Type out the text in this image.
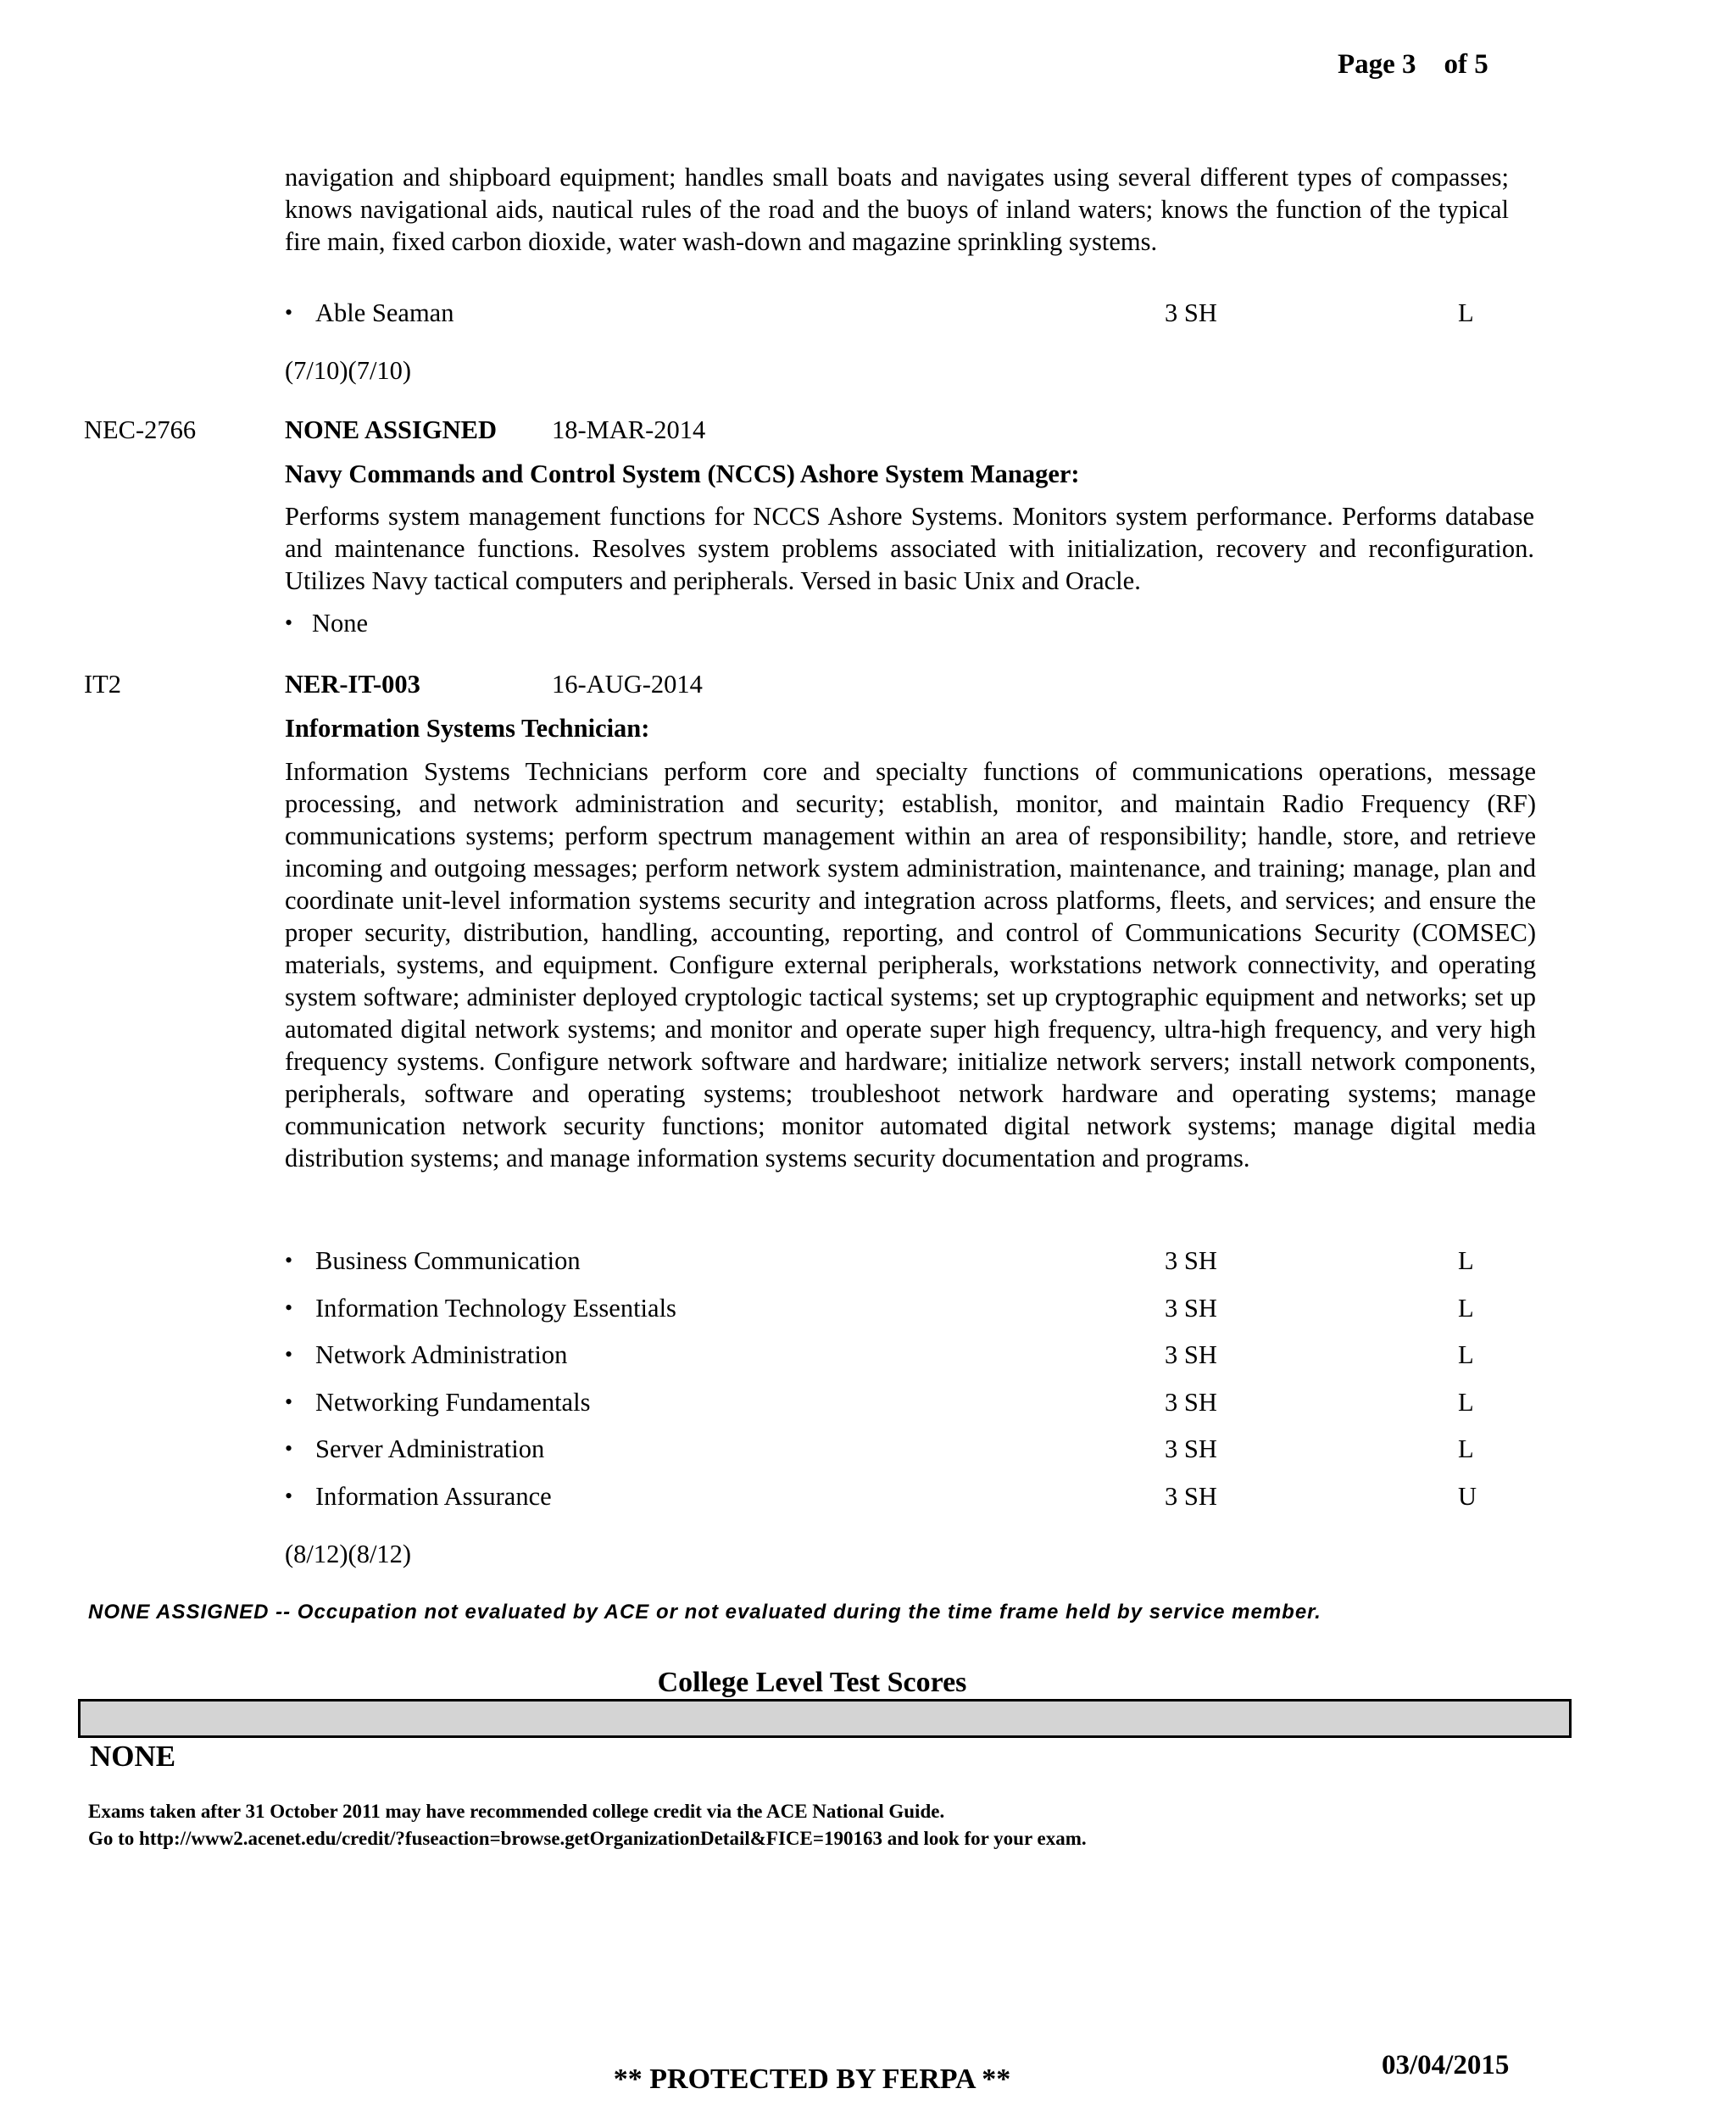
Page 3    of 5
navigation and shipboard equipment; handles small boats and navigates using several different types of compasses; knows navigational aids, nautical rules of the road and the buoys of inland waters; knows the function of the typical fire main, fixed carbon dioxide, water wash-down and magazine sprinkling systems.
• Able Seaman	3 SH	L
(7/10)(7/10)
NEC-2766	NONE ASSIGNED 18-MAR-2014
Navy Commands and Control System (NCCS) Ashore System Manager:
Performs system management functions for NCCS Ashore Systems. Monitors system performance. Performs database and maintenance functions. Resolves system problems associated with initialization, recovery and reconfiguration. Utilizes Navy tactical computers and peripherals. Versed in basic Unix and Oracle.
• None
IT2	NER-IT-003	16-AUG-2014
Information Systems Technician:
Information Systems Technicians perform core and specialty functions of communications operations, message processing, and network administration and security; establish, monitor, and maintain Radio Frequency (RF) communications systems; perform spectrum management within an area of responsibility; handle, store, and retrieve incoming and outgoing messages; perform network system administration, maintenance, and training; manage, plan and coordinate unit-level information systems security and integration across platforms, fleets, and services; and ensure the proper security, distribution, handling, accounting, reporting, and control of Communications Security (COMSEC) materials, systems, and equipment. Configure external peripherals, workstations network connectivity, and operating system software; administer deployed cryptologic tactical systems; set up cryptographic equipment and networks; set up automated digital network systems; and monitor and operate super high frequency, ultra-high frequency, and very high frequency systems. Configure network software and hardware; initialize network servers; install network components, peripherals, software and operating systems; troubleshoot network hardware and operating systems; manage communication network security functions; monitor automated digital network systems; manage digital media distribution systems; and manage information systems security documentation and programs.
• Business Communication	3 SH	L
• Information Technology Essentials	3 SH	L
• Network Administration	3 SH	L
• Networking Fundamentals	3 SH	L
• Server Administration	3 SH	L
• Information Assurance	3 SH	U
(8/12)(8/12)
NONE ASSIGNED -- Occupation not evaluated by ACE or not evaluated during the time frame held by service member.
College Level Test Scores
NONE
Exams taken after 31 October 2011 may have recommended college credit via the ACE National Guide.
Go to http://www2.acenet.edu/credit/?fuseaction=browse.getOrganizationDetail&FICE=190163 and look for your exam.
03/04/2015
** PROTECTED BY FERPA **
